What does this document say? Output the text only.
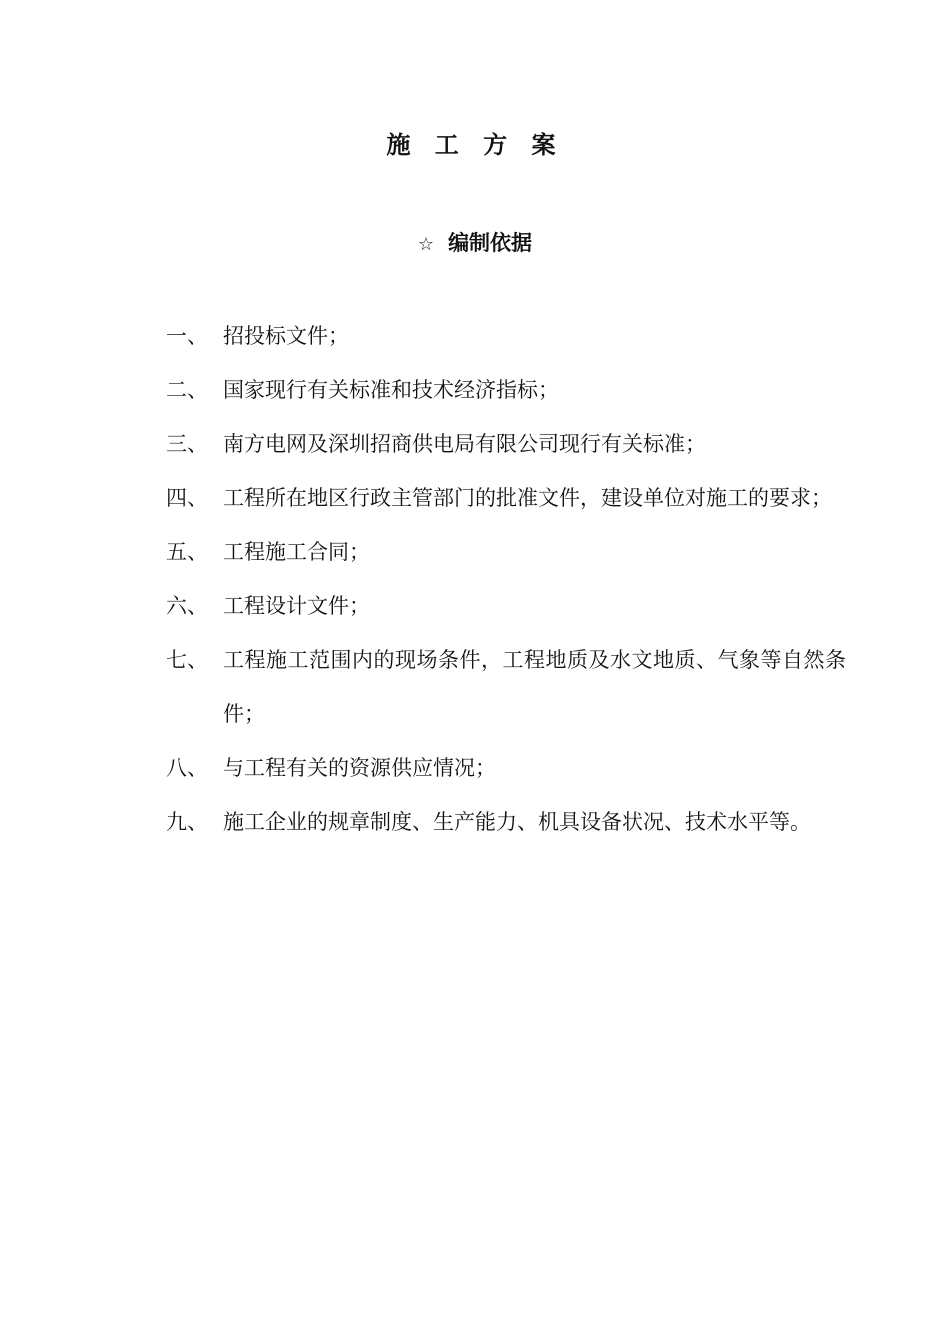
施 工 方 案
☆ 编制依据
一、 招投标文件；
二、 国家现行有关标准和技术经济指标；
三、 南方电网及深圳招商供电局有限公司现行有关标准；
四、 工程所在地区行政主管部门的批准文件，建设单位对施工的要求；
五、 工程施工合同；
六、 工程设计文件；
七、 工程施工范围内的现场条件，工程地质及水文地质、气象等自然条件；
八、 与工程有关的资源供应情况；
九、 施工企业的规章制度、生产能力、机具设备状况、技术水平等。
